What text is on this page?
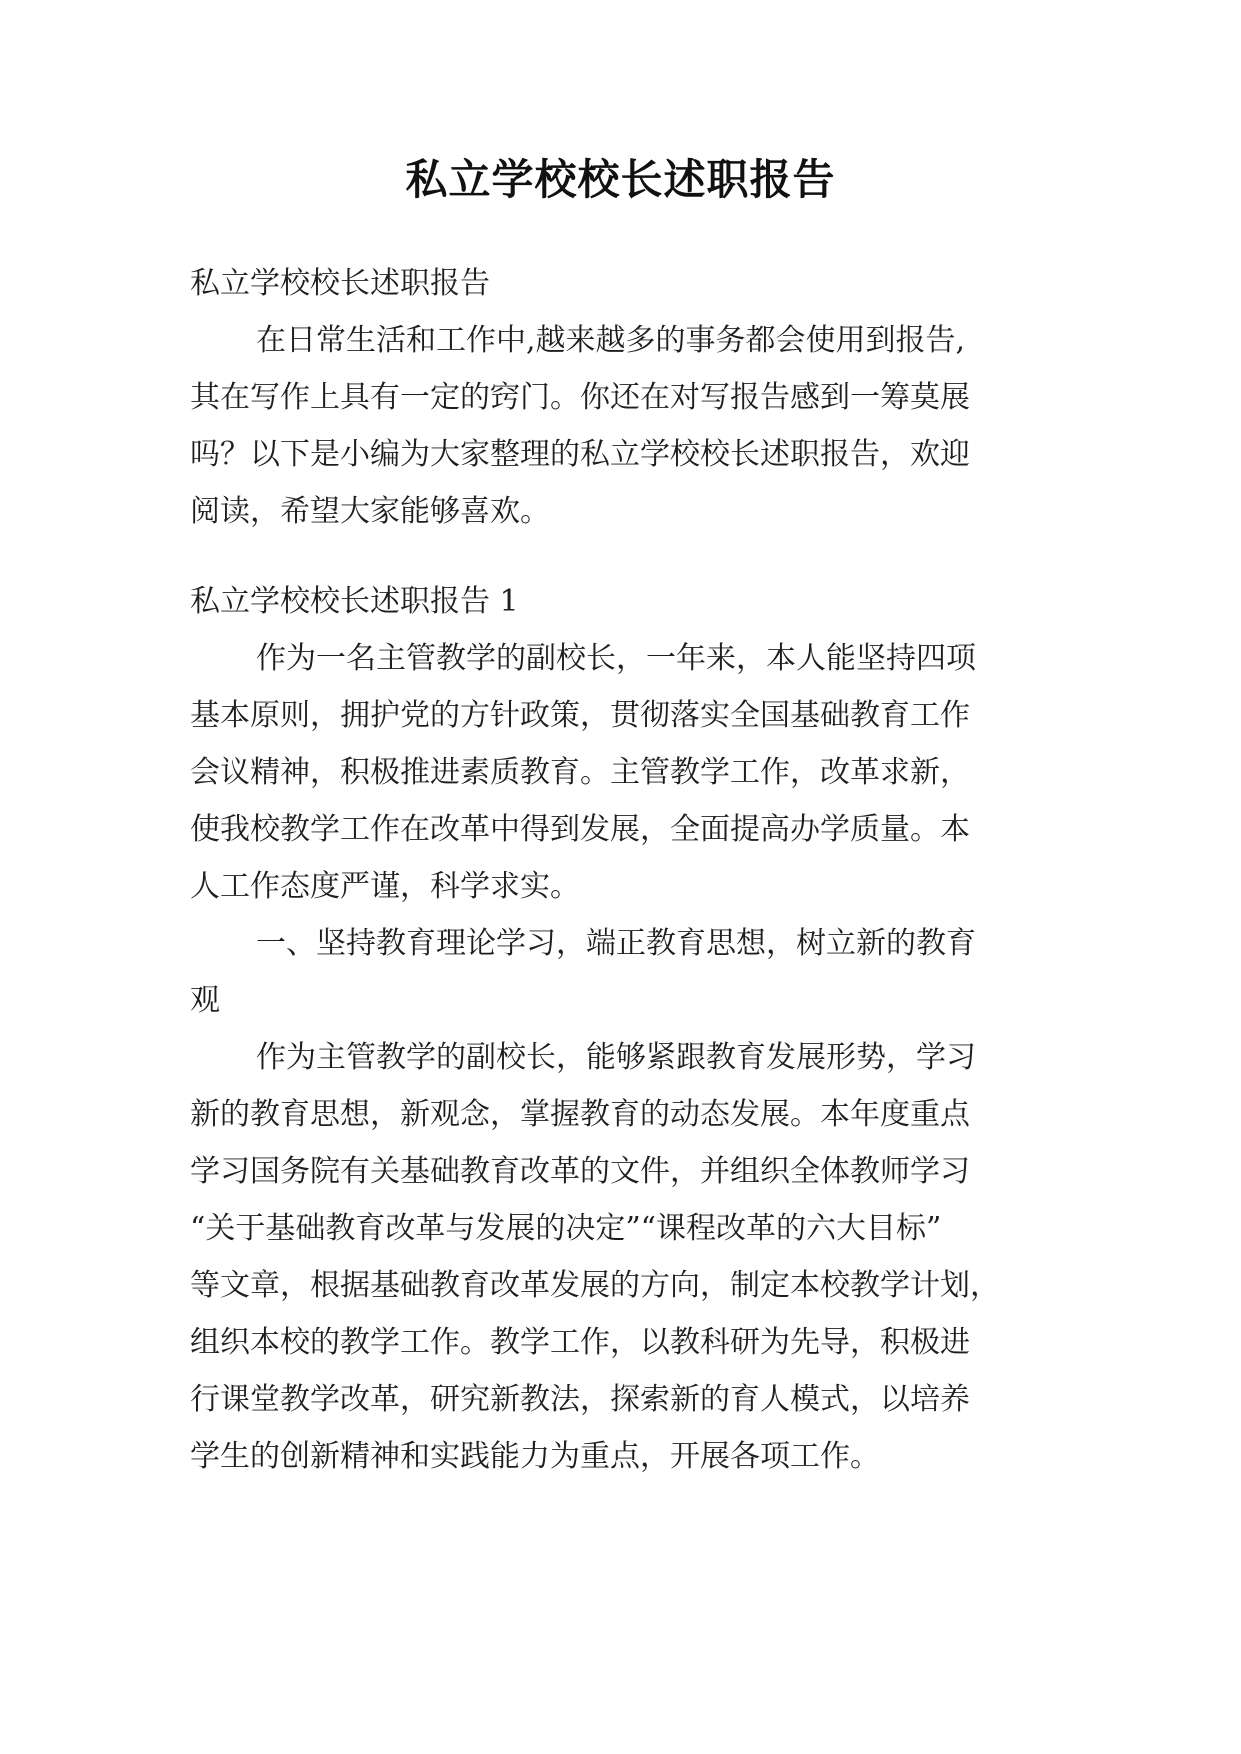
私立学校校长述职报告
私立学校校长述职报告
在日常生活和工作中,越来越多的事务都会使用到报告,
其在写作上具有一定的窍门。你还在对写报告感到一筹莫展
吗？以下是小编为大家整理的私立学校校长述职报告，欢迎
阅读，希望大家能够喜欢。
私立学校校长述职报告 1
作为一名主管教学的副校长，一年来，本人能坚持四项
基本原则，拥护党的方针政策，贯彻落实全国基础教育工作
会议精神，积极推进素质教育。主管教学工作，改革求新，
使我校教学工作在改革中得到发展，全面提高办学质量。本
人工作态度严谨，科学求实。
一、坚持教育理论学习，端正教育思想，树立新的教育
观
作为主管教学的副校长，能够紧跟教育发展形势，学习
新的教育思想，新观念，掌握教育的动态发展。本年度重点
学习国务院有关基础教育改革的文件，并组织全体教师学习
“关于基础教育改革与发展的决定”“课程改革的六大目标”
等文章，根据基础教育改革发展的方向，制定本校教学计划，
组织本校的教学工作。教学工作，以教科研为先导，积极进
行课堂教学改革，研究新教法，探索新的育人模式，以培养
学生的创新精神和实践能力为重点，开展各项工作。
